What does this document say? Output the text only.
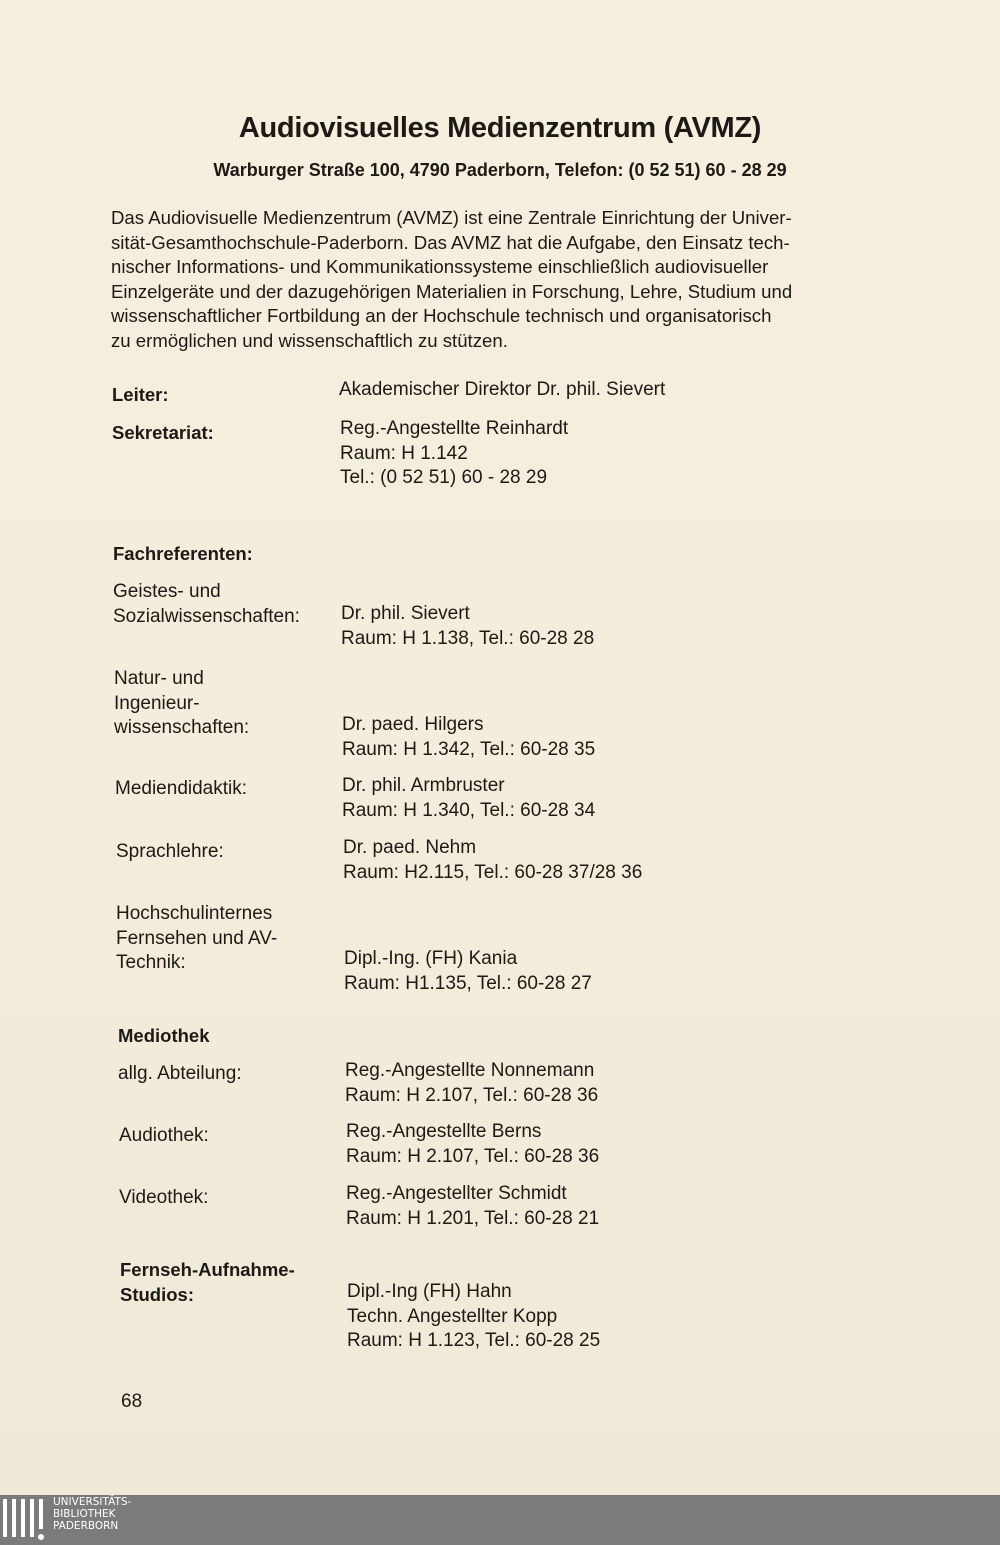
Audiovisuelles Medienzentrum (AVMZ)
Warburger Straße 100, 4790 Paderborn, Telefon: (0 52 51) 60 - 28 29
Das Audiovisuelle Medienzentrum (AVMZ) ist eine Zentrale Einrichtung der Univer-
sität-Gesamthochschule-Paderborn. Das AVMZ hat die Aufgabe, den Einsatz tech-
nischer Informations- und Kommunikationssysteme einschließlich audiovisueller
Einzelgeräte und der dazugehörigen Materialien in Forschung, Lehre, Studium und
wissenschaftlicher Fortbildung an der Hochschule technisch und organisatorisch
zu ermöglichen und wissenschaftlich zu stützen.
Leiter:	Akademischer Direktor Dr. phil. Sievert
Sekretariat:	Reg.-Angestellte Reinhardt
Raum: H 1.142
Tel.: (0 52 51) 60 - 28 29
Fachreferenten:
Geistes- und
Sozialwissenschaften: Dr. phil. Sievert
Raum: H 1.138, Tel.: 60-28 28
Natur- und
Ingenieur-
wissenschaften:	Dr. paed. Hilgers
Raum: H 1.342, Tel.: 60-28 35
Mediendidaktik:	Dr. phil. Armbruster
Raum: H 1.340, Tel.: 60-28 34
Sprachlehre:	Dr. paed. Nehm
Raum: H2.115, Tel.: 60-28 37/28 36
Hochschulinternes
Fernsehen und AV-
Technik:	Dipl.-Ing. (FH) Kania
Raum: H1.135, Tel.: 60-28 27
Mediothek
allg. Abteilung:	Reg.-Angestellte Nonnemann
Raum: H 2.107, Tel.: 60-28 36
Audiothek:	Reg.-Angestellte Berns
Raum: H 2.107, Tel.: 60-28 36
Videothek:	Reg.-Angestellter Schmidt
Raum: H 1.201, Tel.: 60-28 21
Fernseh-Aufnahme-
Studios:	Dipl.-Ing (FH) Hahn
Techn. Angestellter Kopp
Raum: H 1.123, Tel.: 60-28 25
68
UNIVERSITÄTS-
BIBLIOTHEK
PADERBORN
